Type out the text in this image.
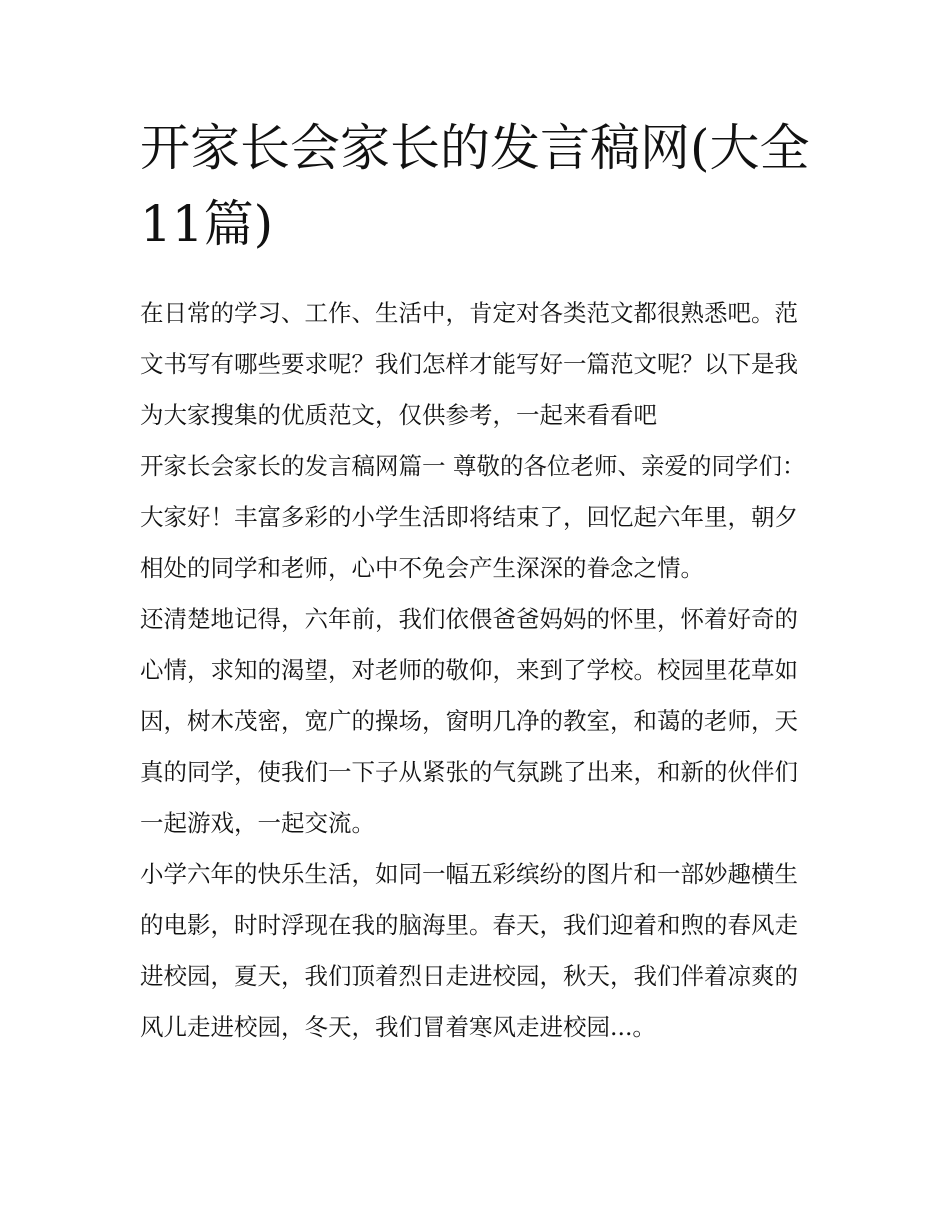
开家长会家长的发言稿网(大全11篇)

在日常的学习、工作、生活中，肯定对各类范文都很熟悉吧。范文书写有哪些要求呢？我们怎样才能写好一篇范文呢？以下是我为大家搜集的优质范文，仅供参考，一起来看看吧

开家长会家长的发言稿网篇一 尊敬的各位老师、亲爱的同学们：

大家好！丰富多彩的小学生活即将结束了，回忆起六年里，朝夕相处的同学和老师，心中不免会产生深深的眷念之情。

还清楚地记得，六年前，我们依偎爸爸妈妈的怀里，怀着好奇的心情，求知的渴望，对老师的敬仰，来到了学校。校园里花草如因，树木茂密，宽广的操场，窗明几净的教室，和蔼的老师，天真的同学，使我们一下子从紧张的气氛跳了出来，和新的伙伴们一起游戏，一起交流。

小学六年的快乐生活，如同一幅五彩缤纷的图片和一部妙趣横生的电影，时时浮现在我的脑海里。春天，我们迎着和煦的春风走进校园，夏天，我们顶着烈日走进校园，秋天，我们伴着凉爽的风儿走进校园，冬天，我们冒着寒风走进校园...。
